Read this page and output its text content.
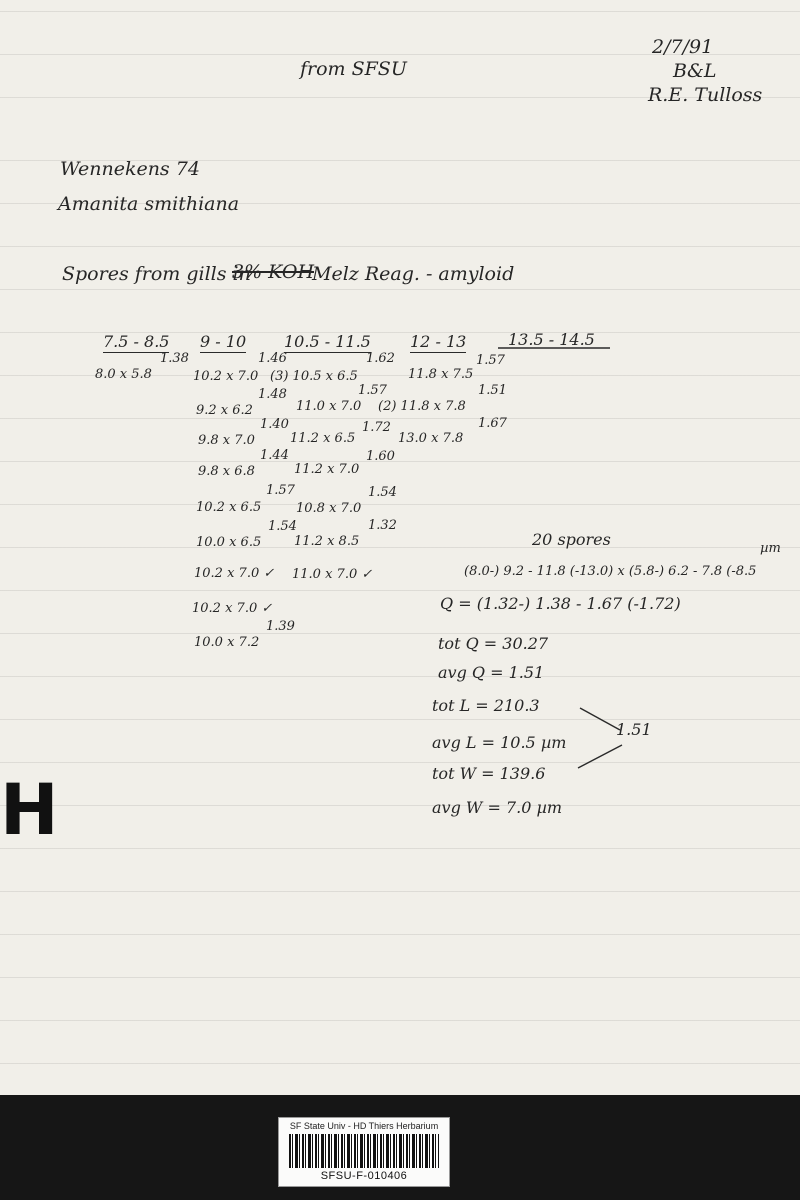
from SFSU
2/7/91
B&L
R.E. Tulloss
Wennekens 74
Amanita smithiana
Spores from gills in
3% KOH
Melz Reag. - amyloid
7.5 - 8.5 9 - 10 10.5 - 11.5 12 - 13	13.5 - 14.5
8.0 x 5.8
1.38
10.2 x 7.0
1.46
9.2 x 6.2
1.48
9.8 x 7.0
1.40
9.8 x 6.8
1.44
10.2 x 6.5
1.57
10.0 x 6.5
1.54
10.2 x 7.0 ✓
10.2 x 7.0 ✓
10.0 x 7.2
1.39
(3) 10.5 x 6.5
1.62
11.0 x 7.0
1.57
11.2 x 6.5
1.72
11.2 x 7.0
1.60
10.8 x 7.0
1.54
11.2 x 8.5
1.32
11.0 x 7.0 ✓
11.8 x 7.5
1.57
(2) 11.8 x 7.8
1.51
13.0 x 7.8
1.67
20 spores	µm
(8.0-) 9.2 - 11.8 (-13.0) x (5.8-) 6.2 - 7.8 (-8.5
Q = (1.32-) 1.38 - 1.67 (-1.72)
tot Q = 30.27
avg Q = 1.51
tot L = 210.3
avg L = 10.5 µm
1.51
tot W = 139.6
avg W = 7.0 µm
H
SF State Univ - HD Thiers Herbarium
SFSU-F-010406
